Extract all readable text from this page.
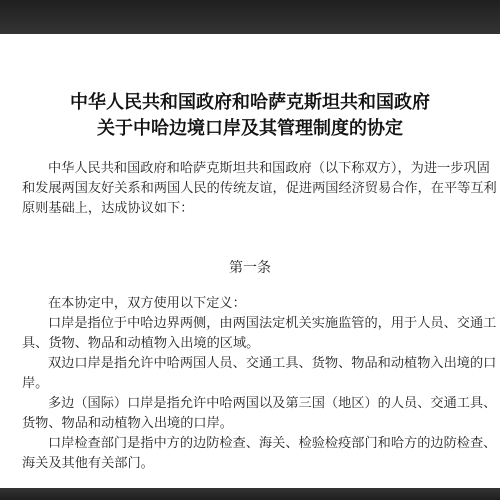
中华人民共和国政府和哈萨克斯坦共和国政府
关于中哈边境口岸及其管理制度的协定

中华人民共和国政府和哈萨克斯坦共和国政府（以下称双方），为进一步巩固
和发展两国友好关系和两国人民的传统友谊，促进两国经济贸易合作，在平等互利
原则基础上，达成协议如下：

第一条

在本协定中，双方使用以下定义：

口岸是指位于中哈边界两侧，由两国法定机关实施监管的，用于人员、交通工
具、货物、物品和动植物入出境的区域。

双边口岸是指允许中哈两国人员、交通工具、货物、物品和动植物入出境的口
岸。

多边（国际）口岸是指允许中哈两国以及第三国（地区）的人员、交通工具、
货物、物品和动植物入出境的口岸。

口岸检查部门是指中方的边防检查、海关、检验检疫部门和哈方的边防检查、
海关及其他有关部门。
